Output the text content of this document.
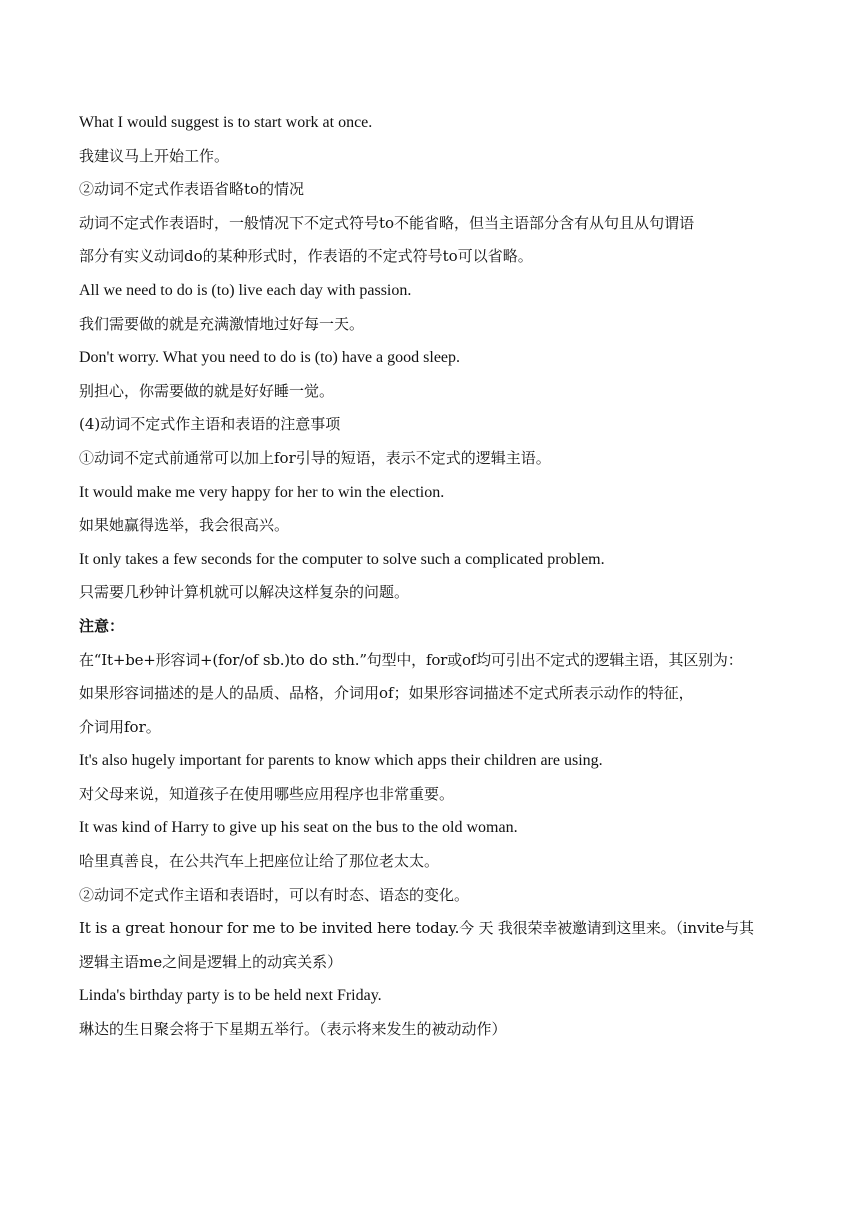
What I would suggest is to start work at once.

我建议马上开始工作。

②动词不定式作表语省略to的情况

动词不定式作表语时，一般情况下不定式符号to不能省略，但当主语部分含有从句且从句谓语

部分有实义动词do的某种形式时，作表语的不定式符号to可以省略。

All we need to do is (to) live each day with passion.

我们需要做的就是充满激情地过好每一天。

Don't worry. What you need to do is (to) have a good sleep.

别担心，你需要做的就是好好睡一觉。

(4)动词不定式作主语和表语的注意事项

①动词不定式前通常可以加上for引导的短语，表示不定式的逻辑主语。

It would make me very happy for her to win the election.

如果她赢得选举，我会很高兴。

It only takes a few seconds for the computer to solve such a complicated problem.

只需要几秒钟计算机就可以解决这样复杂的问题。

注意：

在“It+be+形容词+(for/of sb.)to do sth.”句型中，for或of均可引出不定式的逻辑主语，其区别为：

如果形容词描述的是人的品质、品格，介词用of；如果形容词描述不定式所表示动作的特征，

介词用for。

It's also hugely important for parents to know which apps their children are using.

对父母来说，知道孩子在使用哪些应用程序也非常重要。

It was kind of Harry to give up his seat on the bus to the old woman.

哈里真善良，在公共汽车上把座位让给了那位老太太。

②动词不定式作主语和表语时，可以有时态、语态的变化。

It is a great honour for me to be invited here today.今 天 我很荣幸被邀请到这里来。（invite与其

逻辑主语me之间是逻辑上的动宾关系）

Linda's birthday party is to be held next Friday.

琳达的生日聚会将于下星期五举行。（表示将来发生的被动动作）
